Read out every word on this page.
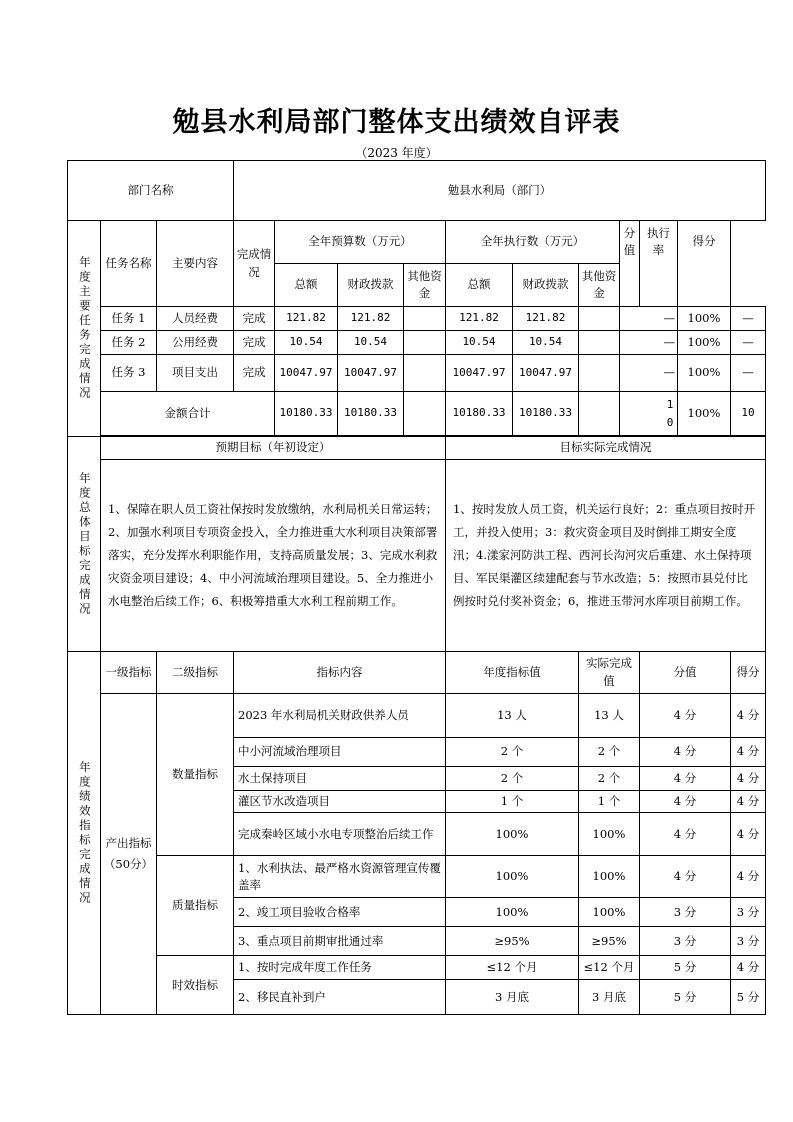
勉县水利局部门整体支出绩效自评表
（2023 年度）
部门名称			勉县水利局（部门）										
年度主要任务完成情况	任务名称	主要内容	完成情况	全年预算数（万元）			全年执行数（万元）			分值	执行率	得分	
				总额	财政拨款	其他资金	总额	财政拨款	其他资金				
	任务 1	人员经费	完成	121.82	121.82		121.82	121.82		—		100%	—
	任务 2	公用经费	完成	10.54	10.54		10.54	10.54		—		100%	—
	任务 3	项目支出	完成	10047.97	10047.97		10047.97	10047.97		—		100%	—
	金额合计			10180.33	10180.33		10180.33	10180.33		10		100%	10

年度总体目标完成情况	预期目标（年初设定）						目标实际完成情况						
	1、保障在职人员工资社保按时发放缴纳，水利局机关日常运转；2、加强水利项目专项资金投入，全力推进重大水利项目决策部署落实，充分发挥水利职能作用，支持高质量发展；3、完成水利救灾资金项目建设；4、中小河流域治理项目建设。5、全力推进小水电整治后续工作；6、积极筹措重大水利工程前期工作。						1、按时发放人员工资，机关运行良好；2：重点项目按时开工，并投入使用；3：救灾资金项目及时倒排工期安全度汛；4.漾家河防洪工程、西河长沟河灾后重建、水土保持项目、军民渠灌区续建配套与节水改造；5：按照市县兑付比例按时兑付奖补资金；6，推进玉带河水库项目前期工作。						
年度绩效指标完成情况	一级指标	二级指标	指标内容				年度指标值		实际完成值		分值		得分
	产出指标（50分）	数量指标	2023 年水利局机关财政供养人员				13 人		13 人		4 分		4 分
			中小河流域治理项目				2 个		2 个		4 分		4 分
			水土保持项目				2 个		2 个		4 分		4 分
			灌区节水改造项目				1 个		1 个		4 分		4 分
			完成秦岭区域小水电专项整治后续工作				100%		100%		4 分		4 分
		质量指标	1、水利执法、最严格水资源管理宣传覆盖率				100%		100%		4 分		4 分
			2、竣工项目验收合格率				100%		100%		3 分		3 分
			3、重点项目前期审批通过率				≥95%		≥95%		3 分		3 分
		时效指标	1、按时完成年度工作任务				≤12 个月		≤12 个月		5 分		4 分
			2、移民直补到户				3 月底		3 月底		5 分		5 分
